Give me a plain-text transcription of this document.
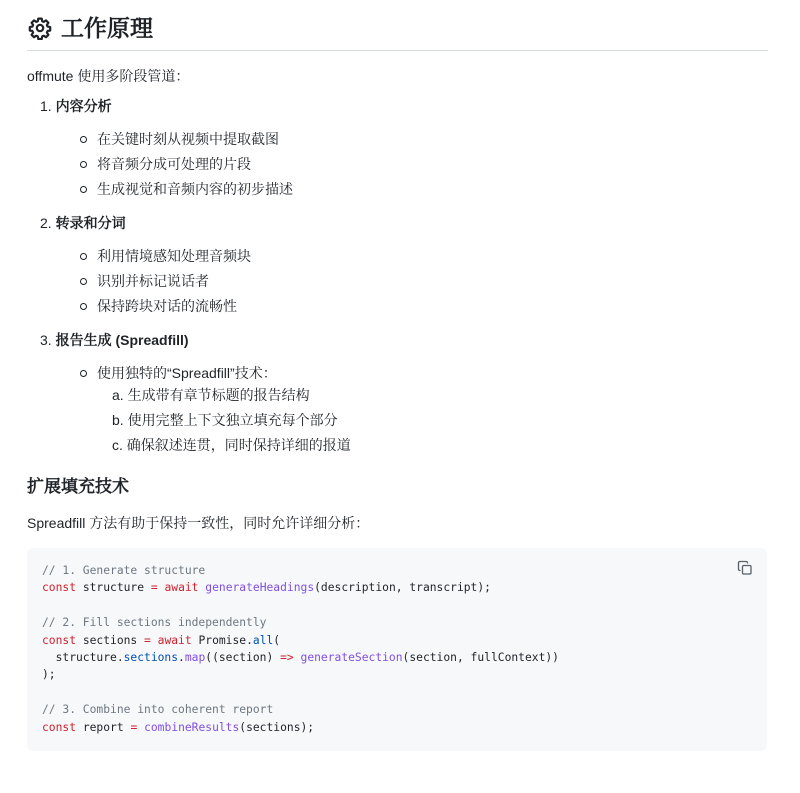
工作原理

offmute 使用多阶段管道：

1. 内容分析
在关键时刻从视频中提取截图
将音频分成可处理的片段
生成视觉和音频内容的初步描述
2. 转录和分词
利用情境感知处理音频块
识别并标记说话者
保持跨块对话的流畅性
3. 报告生成 (Spreadfill)
使用独特的“Spreadfill”技术：
a. 生成带有章节标题的报告结构
b. 使用完整上下文独立填充每个部分
c. 确保叙述连贯，同时保持详细的报道
扩展填充技术

Spreadfill 方法有助于保持一致性，同时允许详细分析：

// 1. Generate structure
const structure = await generateHeadings(description, transcript);

// 2. Fill sections independently
const sections = await Promise.all(
structure.sections.map((section) => generateSection(section, fullContext))
);

// 3. Combine into coherent report
const report = combineResults(sections);
